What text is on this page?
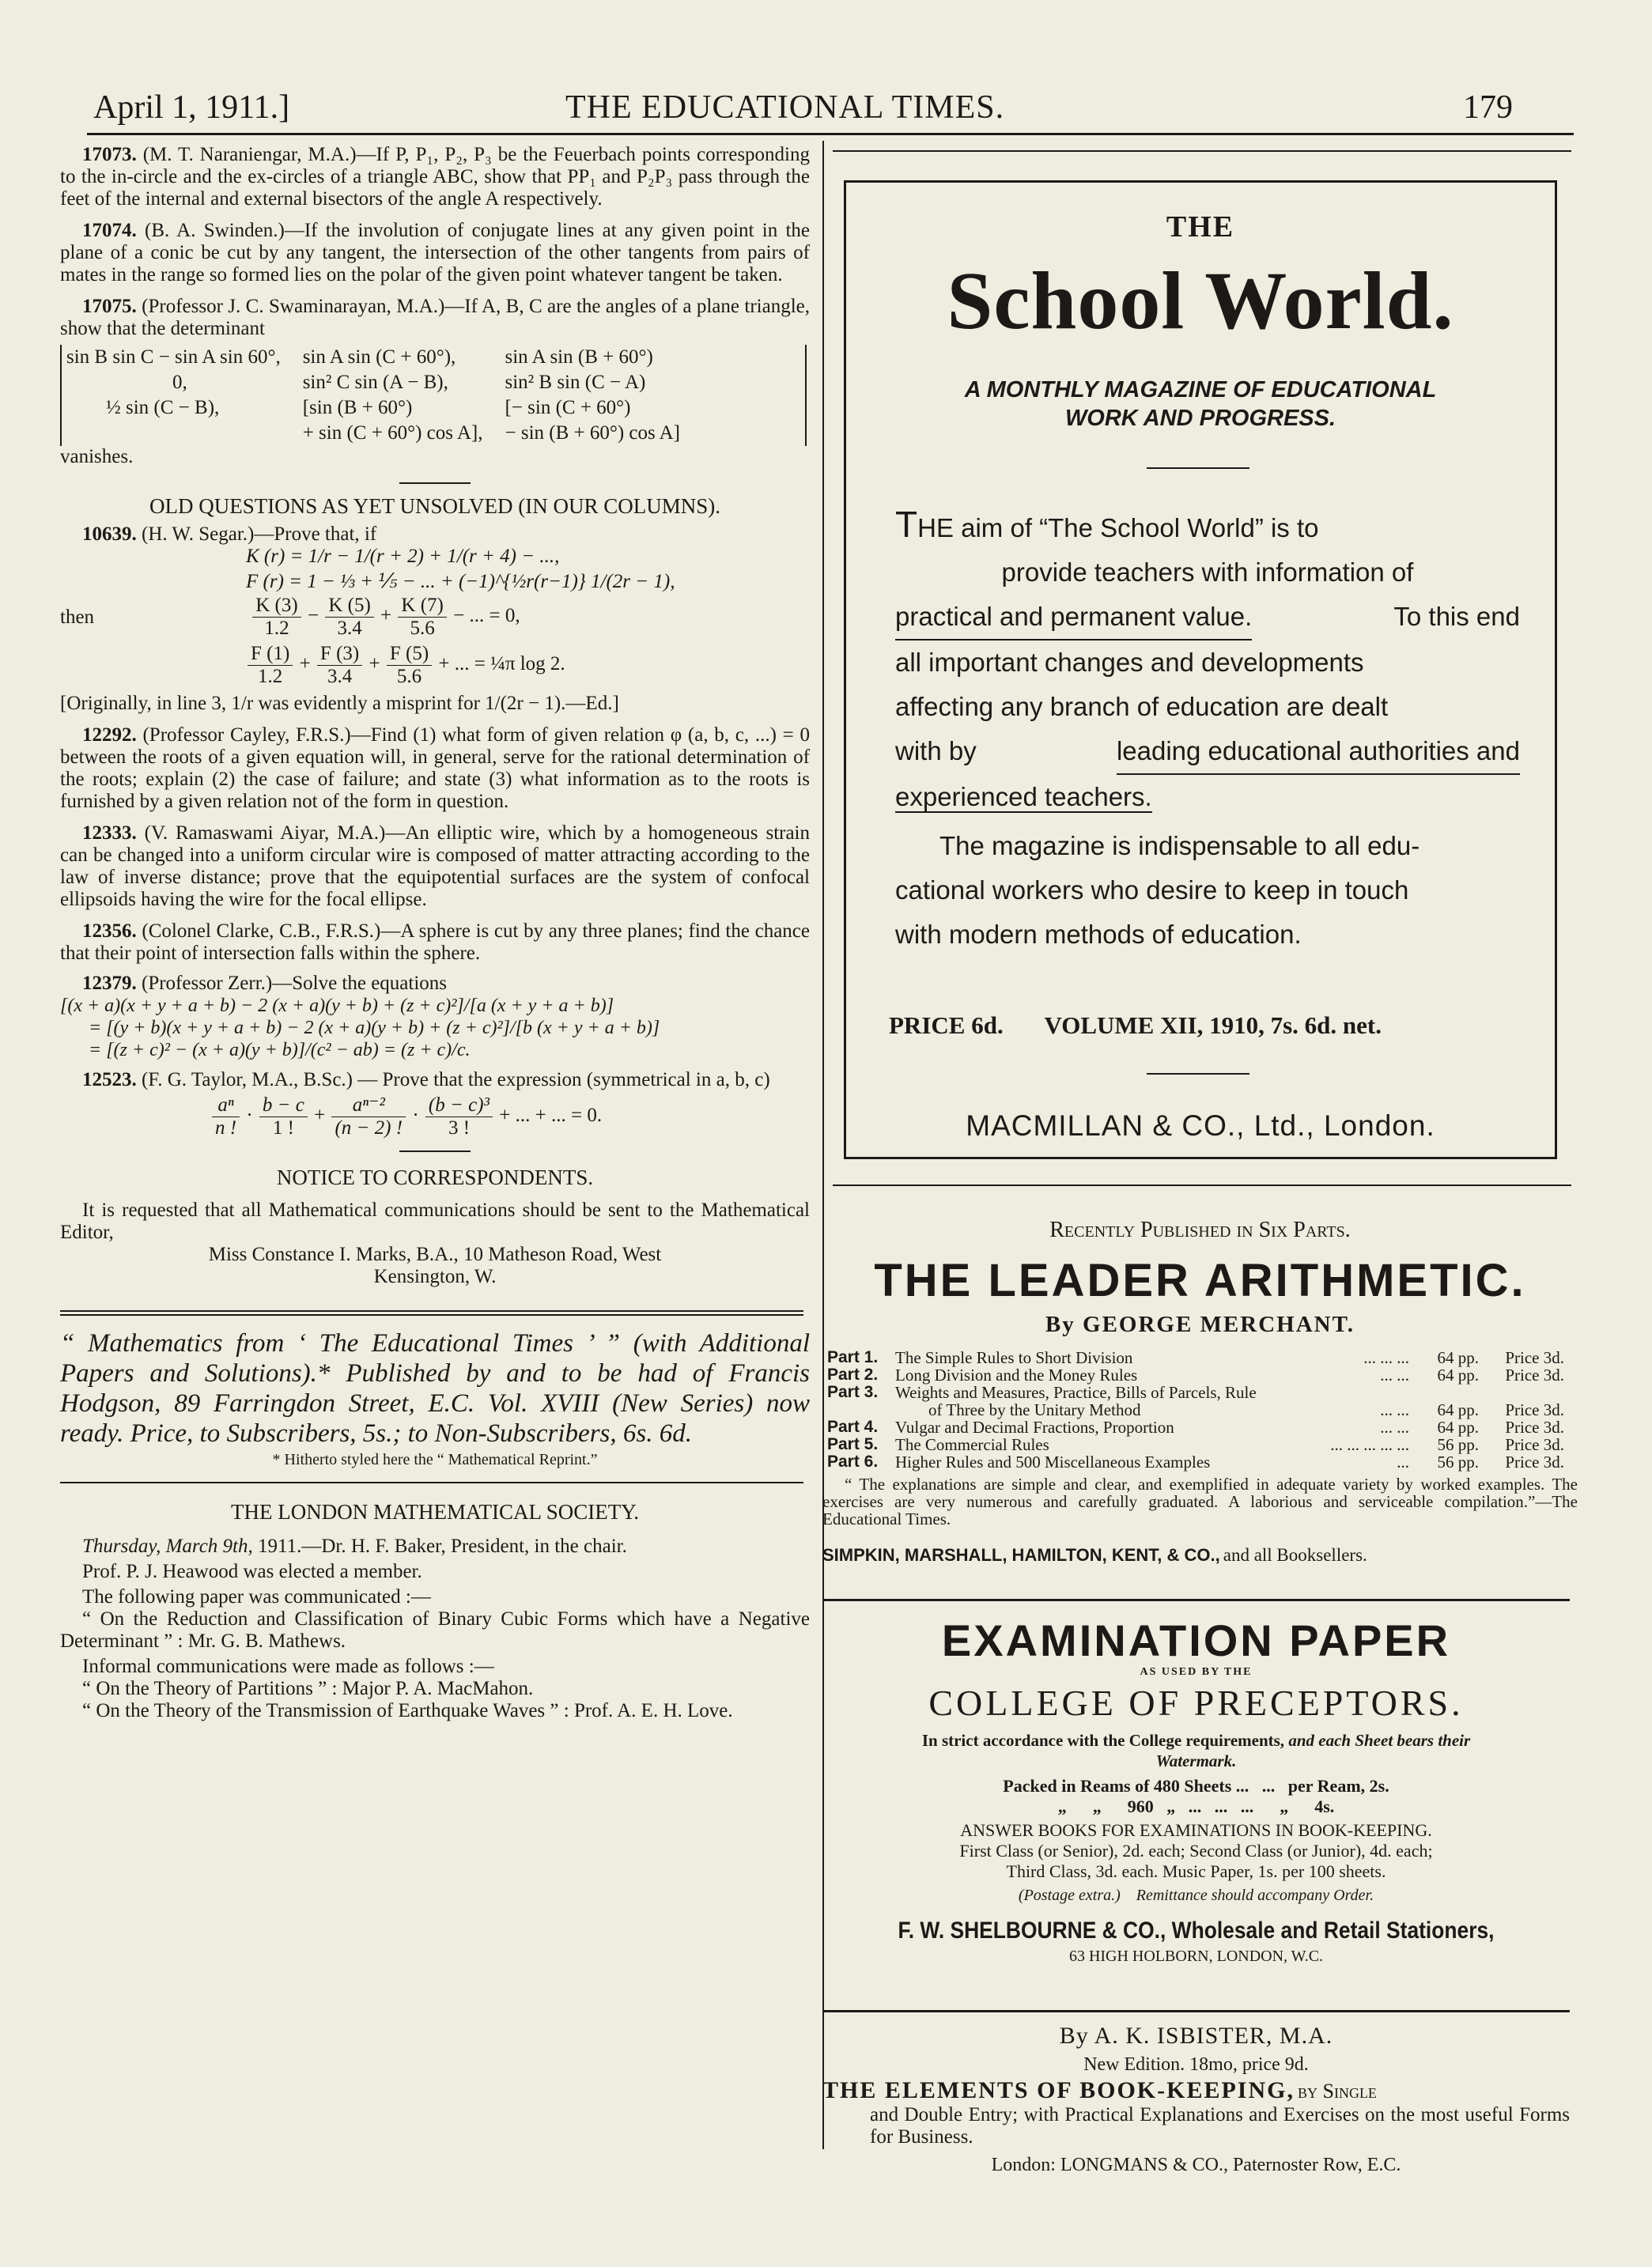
April 1, 1911.]	THE EDUCATIONAL TIMES.	179

17073. (M. T. Naraniengar, M.A.)—If P, P₁, P₂, P₃ be the Feuerbach points corresponding to the in-circle and the ex-circles of a triangle ABC, show that PP₁ and P₂P₃ pass through the feet of the internal and external bisectors of the angle A respectively.

17074. (B. A. Swinden.)—If the involution of conjugate lines at any given point in the plane of a conic be cut by any tangent, the intersection of the other tangents from pairs of mates in the range so formed lies on the polar of the given point whatever tangent be taken.

17075. (Professor J. C. Swaminarayan, M.A.)—If A, B, C are the angles of a plane triangle, show that the determinant

sin B sin C − sin A sin 60°,	sin A sin (C + 60°),	sin A sin (B + 60°)
0,	sin² C sin (A − B),	sin² B sin (C − A)
½ sin (C − B),	[sin (B + 60°)	[− sin (C + 60°)
	+ sin (C + 60°) cos A],	− sin (B + 60°) cos A]

vanishes.

OLD QUESTIONS AS YET UNSOLVED (IN OUR COLUMNS).

10639. (H. W. Segar.)—Prove that, if

K (r) = 1/r − 1/(r + 2) + 1/(r + 4) − ...,

F (r) = 1 − ⅓ + ⅕ − ... + (−1)^{½r(r−1)} 1/(2r − 1),

then	$\frac{K (3)}{1.2} - \frac{K (5)}{3.4} + \frac{K (7)}{5.6}$ − ... = 0,
$\frac{F (1)}{1.2} + \frac{F (3)}{3.4} + \frac{F (5)}{5.6}$ + ... = ¼π log 2.

[Originally, in line 3, 1/r was evidently a misprint for 1/(2r − 1).—Ed.]

12292. (Professor Cayley, F.R.S.)—Find (1) what form of given relation φ (a, b, c, ...) = 0 between the roots of a given equation will, in general, serve for the rational determination of the roots; explain (2) the case of failure; and state (3) what information as to the roots is furnished by a given relation not of the form in question.

12333. (V. Ramaswami Aiyar, M.A.)—An elliptic wire, which by a homogeneous strain can be changed into a uniform circular wire is composed of matter attracting according to the law of inverse distance; prove that the equipotential surfaces are the system of confocal ellipsoids having the wire for the focal ellipse.

12356. (Colonel Clarke, C.B., F.R.S.)—A sphere is cut by any three planes; find the chance that their point of intersection falls within the sphere.

12379. (Professor Zerr.)—Solve the equations

[(x + a)(x + y + a + b) − 2 (x + a)(y + b) + (z + c)²]/[a (x + y + a + b)]

= [(y + b)(x + y + a + b) − 2 (x + a)(y + b) + (z + c)²]/[b (x + y + a + b)]

= [(z + c)² − (x + a)(y + b)]/(c² − ab) = (z + c)/c.

12523. (F. G. Taylor, M.A., B.Sc.) — Prove that the expression (symmetrical in a, b, c)

$\frac{\text{aⁿ}}{n !} \cdot \frac{b - c}{1 !} + \frac{\text{aⁿ⁻²}}{(n - 2) !} \cdot \frac{\text{(b − c)³}}{3 !}$ + ... + ... = 0.

NOTICE TO CORRESPONDENTS.

It is requested that all Mathematical communications should be sent to the Mathematical Editor,

Miss Constance I. Marks, B.A., 10 Matheson Road, West

Kensington, W.

“ Mathematics from ‘ The Educational Times ’ ” (with Additional Papers and Solutions).* Published by and to be had of Francis Hodgson, 89 Farringdon Street, E.C. Vol. XVIII (New Series) now ready. Price, to Subscribers, 5s.; to Non-Subscribers, 6s. 6d.

* Hitherto styled here the “ Mathematical Reprint.”

THE LONDON MATHEMATICAL SOCIETY.

Thursday, March 9th, 1911.—Dr. H. F. Baker, President, in the chair.

Prof. P. J. Heawood was elected a member.

The following paper was communicated :—

“ On the Reduction and Classification of Binary Cubic Forms which have a Negative Determinant ” : Mr. G. B. Mathews.

Informal communications were made as follows :—

“ On the Theory of Partitions ” : Major P. A. MacMahon.

“ On the Theory of the Transmission of Earthquake Waves ” : Prof. A. E. H. Love.

THE
School World.
A MONTHLY MAGAZINE OF EDUCATIONAL
WORK AND PROGRESS.
THE aim of “The School World” is to
provide teachers with information of
practical and permanent value.	To this end
all important changes and developments
affecting any branch of education are dealt
with by	leading educational authorities and
experienced teachers.
The magazine is indispensable to all edu-
cational workers who desire to keep in touch
with modern methods of education.
PRICE 6d. VOLUME XII, 1910, 7s. 6d. net.
MACMILLAN & CO., Ltd., London.
Recently Published in Six Parts.
THE LEADER ARITHMETIC.
By GEORGE MERCHANT.
Part 1.	The Simple Rules to Short Division	... ... ...	64 pp.	Price 3d.
Part 2.	Long Division and the Money Rules	... ...	64 pp.	Price 3d.
Part 3.	Weights and Measures, Practice, Bills of Parcels, Rule			
	of Three by the Unitary Method	... ...	64 pp.	Price 3d.
Part 4.	Vulgar and Decimal Fractions, Proportion	... ...	64 pp.	Price 3d.
Part 5.	The Commercial Rules	... ... ... ... ...	56 pp.	Price 3d.
Part 6.	Higher Rules and 500 Miscellaneous Examples	...	56 pp.	Price 3d.

“ The explanations are simple and clear, and exemplified in adequate variety by worked examples. The exercises are very numerous and carefully graduated. A laborious and serviceable compilation.”—The Educational Times.

SIMPKIN, MARSHALL, HAMILTON, KENT, & CO., and all Booksellers.
EXAMINATION PAPER
AS USED BY THE
COLLEGE OF PRECEPTORS.
In strict accordance with the College requirements, and each Sheet bears their Watermark.
Packed in Reams of 480 Sheets ...   ...   per Ream, 2s.
„      „      960   „   ...   ...   ...      „      4s.
ANSWER BOOKS FOR EXAMINATIONS IN BOOK-KEEPING.
First Class (or Senior), 2d. each; Second Class (or Junior), 4d. each;
Third Class, 3d. each. Music Paper, 1s. per 100 sheets.
(Postage extra.)    Remittance should accompany Order.
F. W. SHELBOURNE & CO., Wholesale and Retail Stationers,
63 HIGH HOLBORN, LONDON, W.C.
By A. K. ISBISTER, M.A.
New Edition. 18mo, price 9d.
THE ELEMENTS OF BOOK-KEEPING, by Single

and Double Entry; with Practical Explanations and Exercises on the most useful Forms for Business.

London: LONGMANS & CO., Paternoster Row, E.C.
